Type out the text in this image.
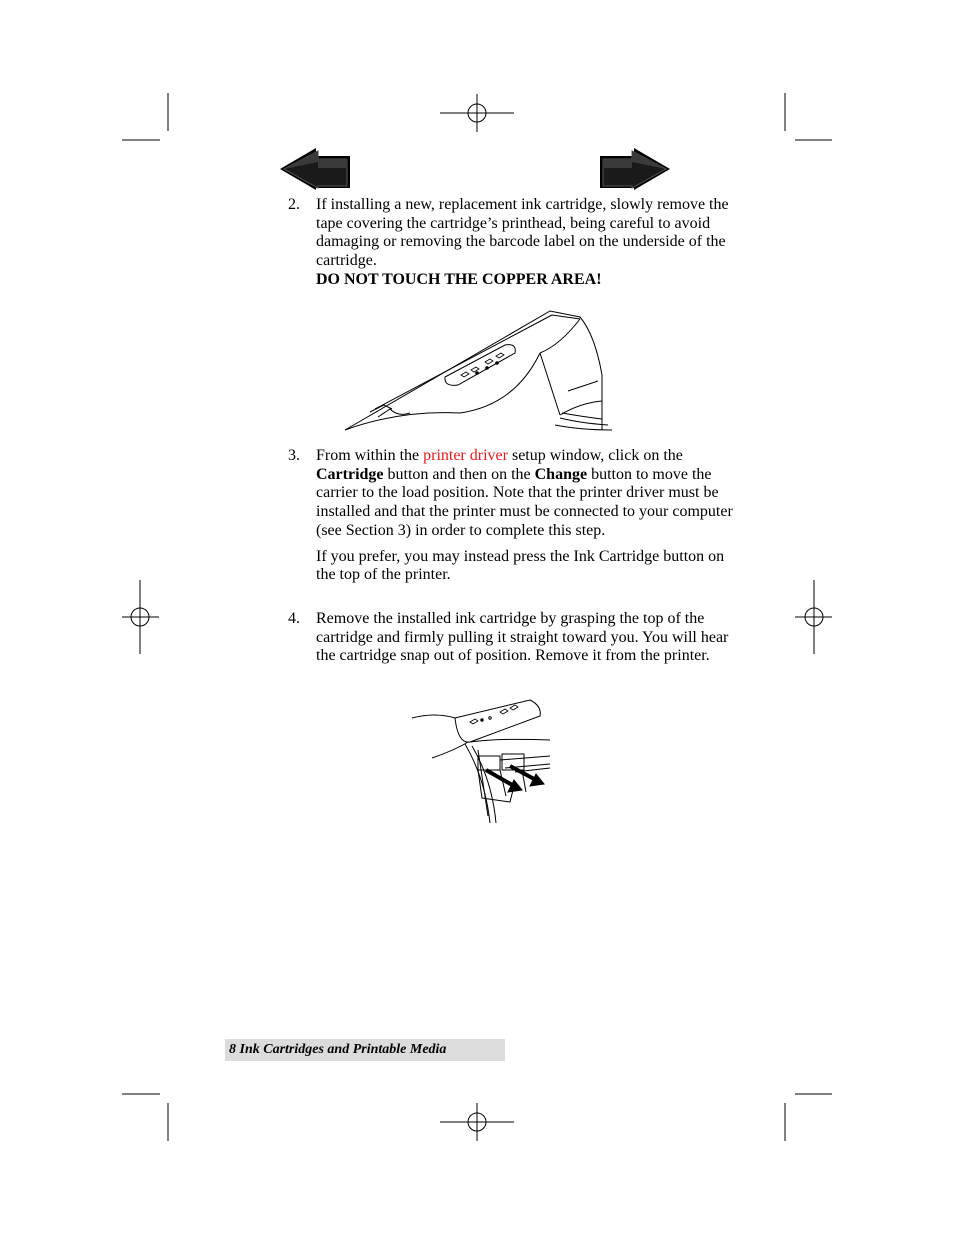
2. If installing a new, replacement ink cartridge, slowly remove the tape covering the cartridge’s printhead, being careful to avoid damaging or removing the barcode label on the underside of the cartridge.

DO NOT TOUCH THE COPPER AREA!

3. From within the printer driver setup window, click on the Cartridge button and then on the Change button to move the carrier to the load position. Note that the printer driver must be installed and that the printer must be connected to your computer (see Section 3) in order to complete this step.

If you prefer, you may instead press the Ink Cartridge button on the top of the printer.

4. Remove the installed ink cartridge by grasping the top of the cartridge and firmly pulling it straight toward you. You will hear the cartridge snap out of position. Remove it from the printer.

8 Ink Cartridges and Printable Media
